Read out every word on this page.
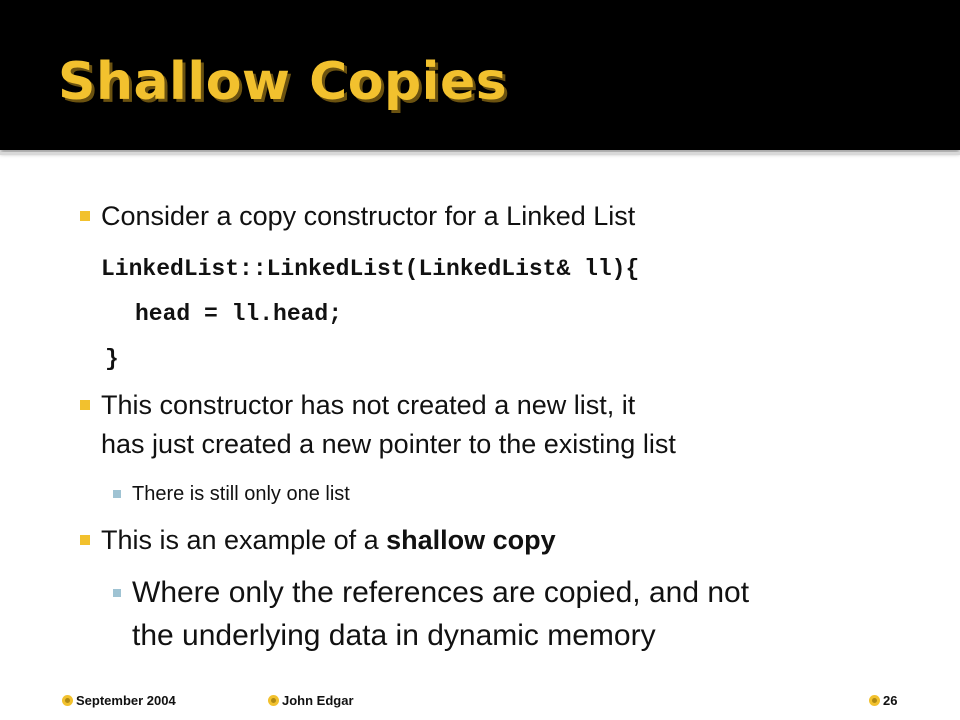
Shallow Copies
Consider a copy constructor for a Linked List
LinkedList::LinkedList(LinkedList& ll){
head = ll.head;
}
This constructor has not created a new list, it
has just created a new pointer to the existing list
There is still only one list
This is an example of a shallow copy
Where only the references are copied, and not
the underlying data in dynamic memory
September 2004	John Edgar	26
